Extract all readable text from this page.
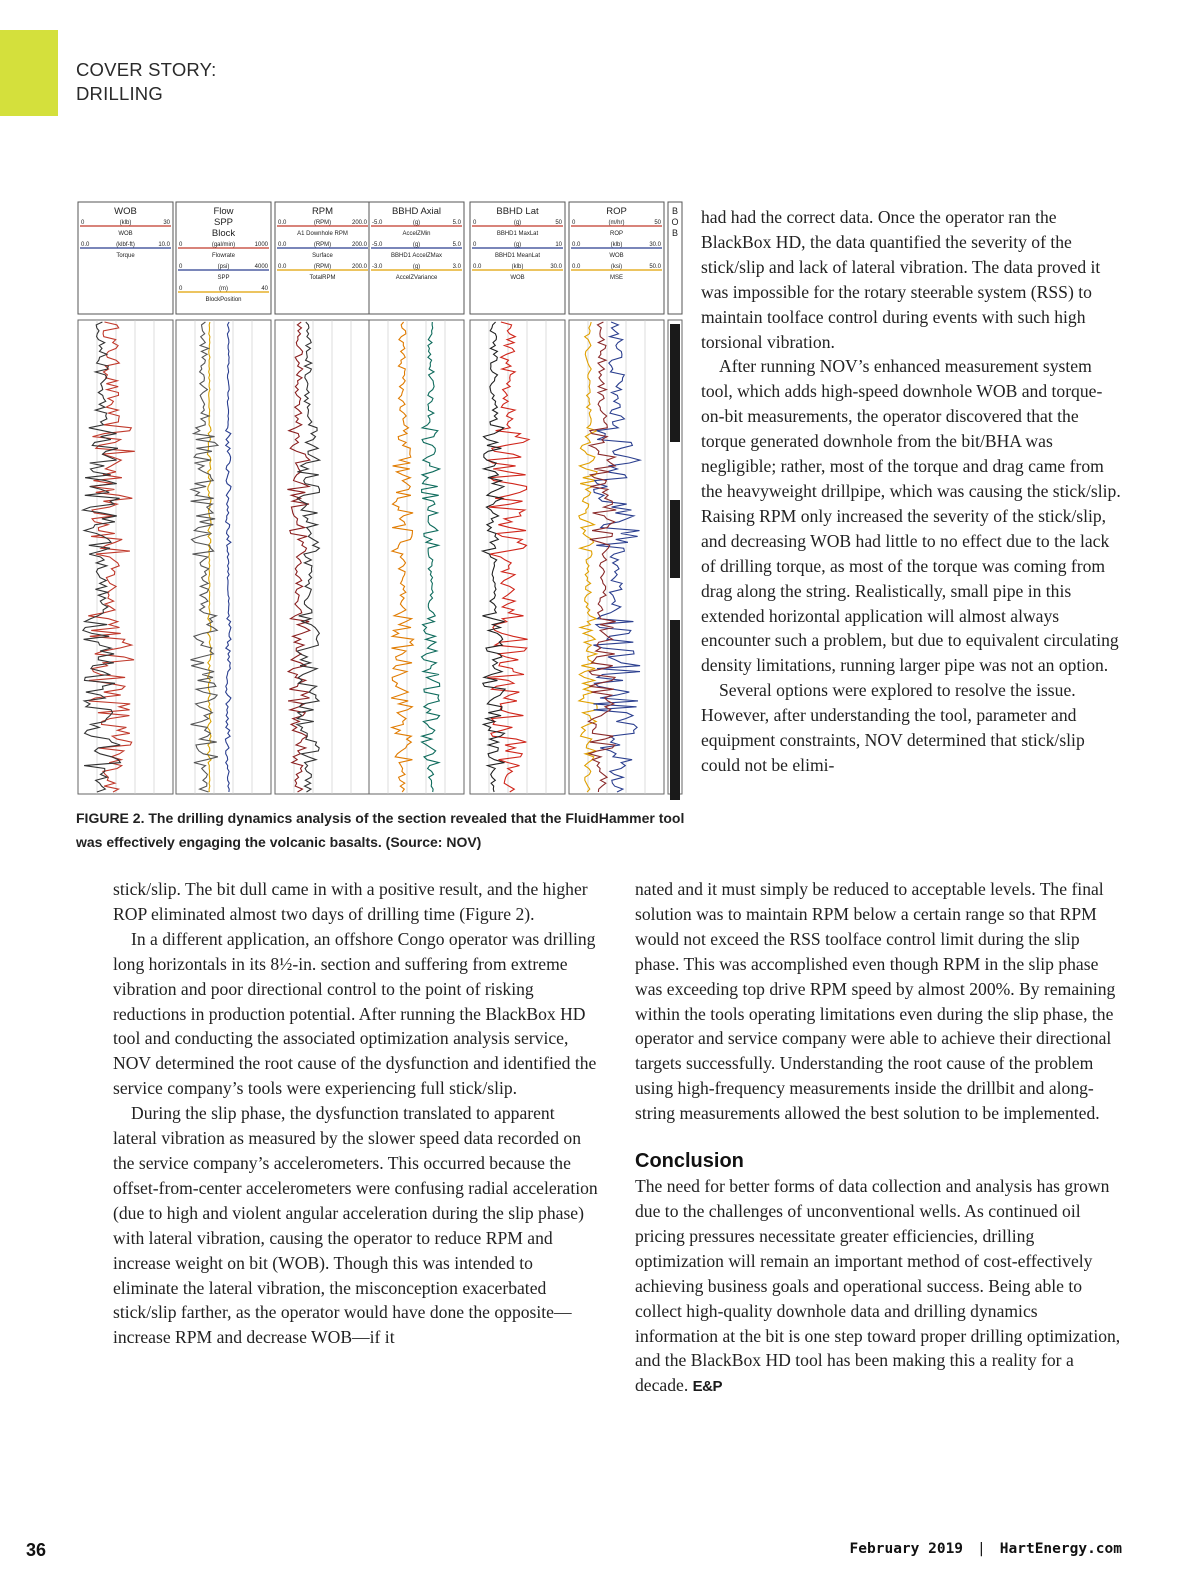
COVER STORY:
DRILLING
WOB
0	(klb)	30
WOB
0.0	(klbf-ft)	10.0
Torque
Flow
SPP
Block
0	(gal/min)	1000
Flowrate
0	(psi)	4000
SPP
0	(m)	40
BlockPosition
RPM
0.0	(RPM)	200.0
A1 Downhole RPM
0.0	(RPM)	200.0
Surface
0.0	(RPM)	200.0
TotalRPM
BBHD Axial
-5.0	(g)	5.0
AccelZMin
-5.0	(g)	5.0
BBHD1 AccelZMax
-3.0	(g)	3.0
AccelZVariance
BBHD Lat
0	(g)	50
BBHD1 MaxLat
0	(g)	10
BBHD1 MeanLat
0.0	(klb)	30.0
WOB
ROP
0	(m/hr)	50
ROP
0.0	(klb)	30.0
WOB
0.0	(ksi)	50.0
MSE
B
O
B
FIGURE 2. The drilling dynamics analysis of the section revealed that the FluidHammer tool was effectively engaging the volcanic basalts. (Source: NOV)

had had the correct data. Once the operator ran the BlackBox HD, the data quantified the severity of the stick/slip and lack of lateral vibration. The data proved it was impossible for the rotary steerable system (RSS) to maintain toolface control during events with such high torsional vibration.

After running NOV’s enhanced measurement system tool, which adds high-speed downhole WOB and torque-on-bit measurements, the operator discovered that the torque generated downhole from the bit/BHA was negligible; rather, most of the torque and drag came from the heavyweight drillpipe, which was causing the stick/slip. Raising RPM only increased the severity of the stick/slip, and decreasing WOB had little to no effect due to the lack of drilling torque, as most of the torque was coming from drag along the string. Realistically, small pipe in this extended horizontal application will almost always encounter such a problem, but due to equivalent circulating density limitations, running larger pipe was not an option.

Several options were explored to resolve the issue. However, after understanding the tool, parameter and equipment constraints, NOV determined that stick/slip could not be elimi-

stick/slip. The bit dull came in with a positive result, and the higher ROP eliminated almost two days of drilling time (Figure 2).

In a different application, an offshore Congo operator was drilling long horizontals in its 8½-in. section and suffering from extreme vibration and poor directional control to the point of risking reductions in production potential. After running the BlackBox HD tool and conducting the associated optimization analysis service, NOV determined the root cause of the dysfunction and identified the service company’s tools were experiencing full stick/slip.

During the slip phase, the dysfunction translated to apparent lateral vibration as measured by the slower speed data recorded on the service company’s accelerometers. This occurred because the offset-from-center accelerometers were confusing radial acceleration (due to high and violent angular acceleration during the slip phase) with lateral vibration, causing the operator to reduce RPM and increase weight on bit (WOB). Though this was intended to eliminate the lateral vibration, the misconception exacerbated stick/slip farther, as the operator would have done the opposite—increase RPM and decrease WOB—if it

nated and it must simply be reduced to acceptable levels. The final solution was to maintain RPM below a certain range so that RPM would not exceed the RSS toolface control limit during the slip phase. This was accomplished even though RPM in the slip phase was exceeding top drive RPM speed by almost 200%. By remaining within the tools operating limitations even during the slip phase, the operator and service company were able to achieve their directional targets successfully. Understanding the root cause of the problem using high-frequency measurements inside the drillbit and along-string measurements allowed the best solution to be implemented.

Conclusion

The need for better forms of data collection and analysis has grown due to the challenges of unconventional wells. As continued oil pricing pressures necessitate greater efficiencies, drilling optimization will remain an important method of cost-effectively achieving business goals and operational success. Being able to collect high-quality downhole data and drilling dynamics information at the bit is one step toward proper drilling optimization, and the BlackBox HD tool has been making this a reality for a decade. E&P

36	February 2019 | HartEnergy.com
